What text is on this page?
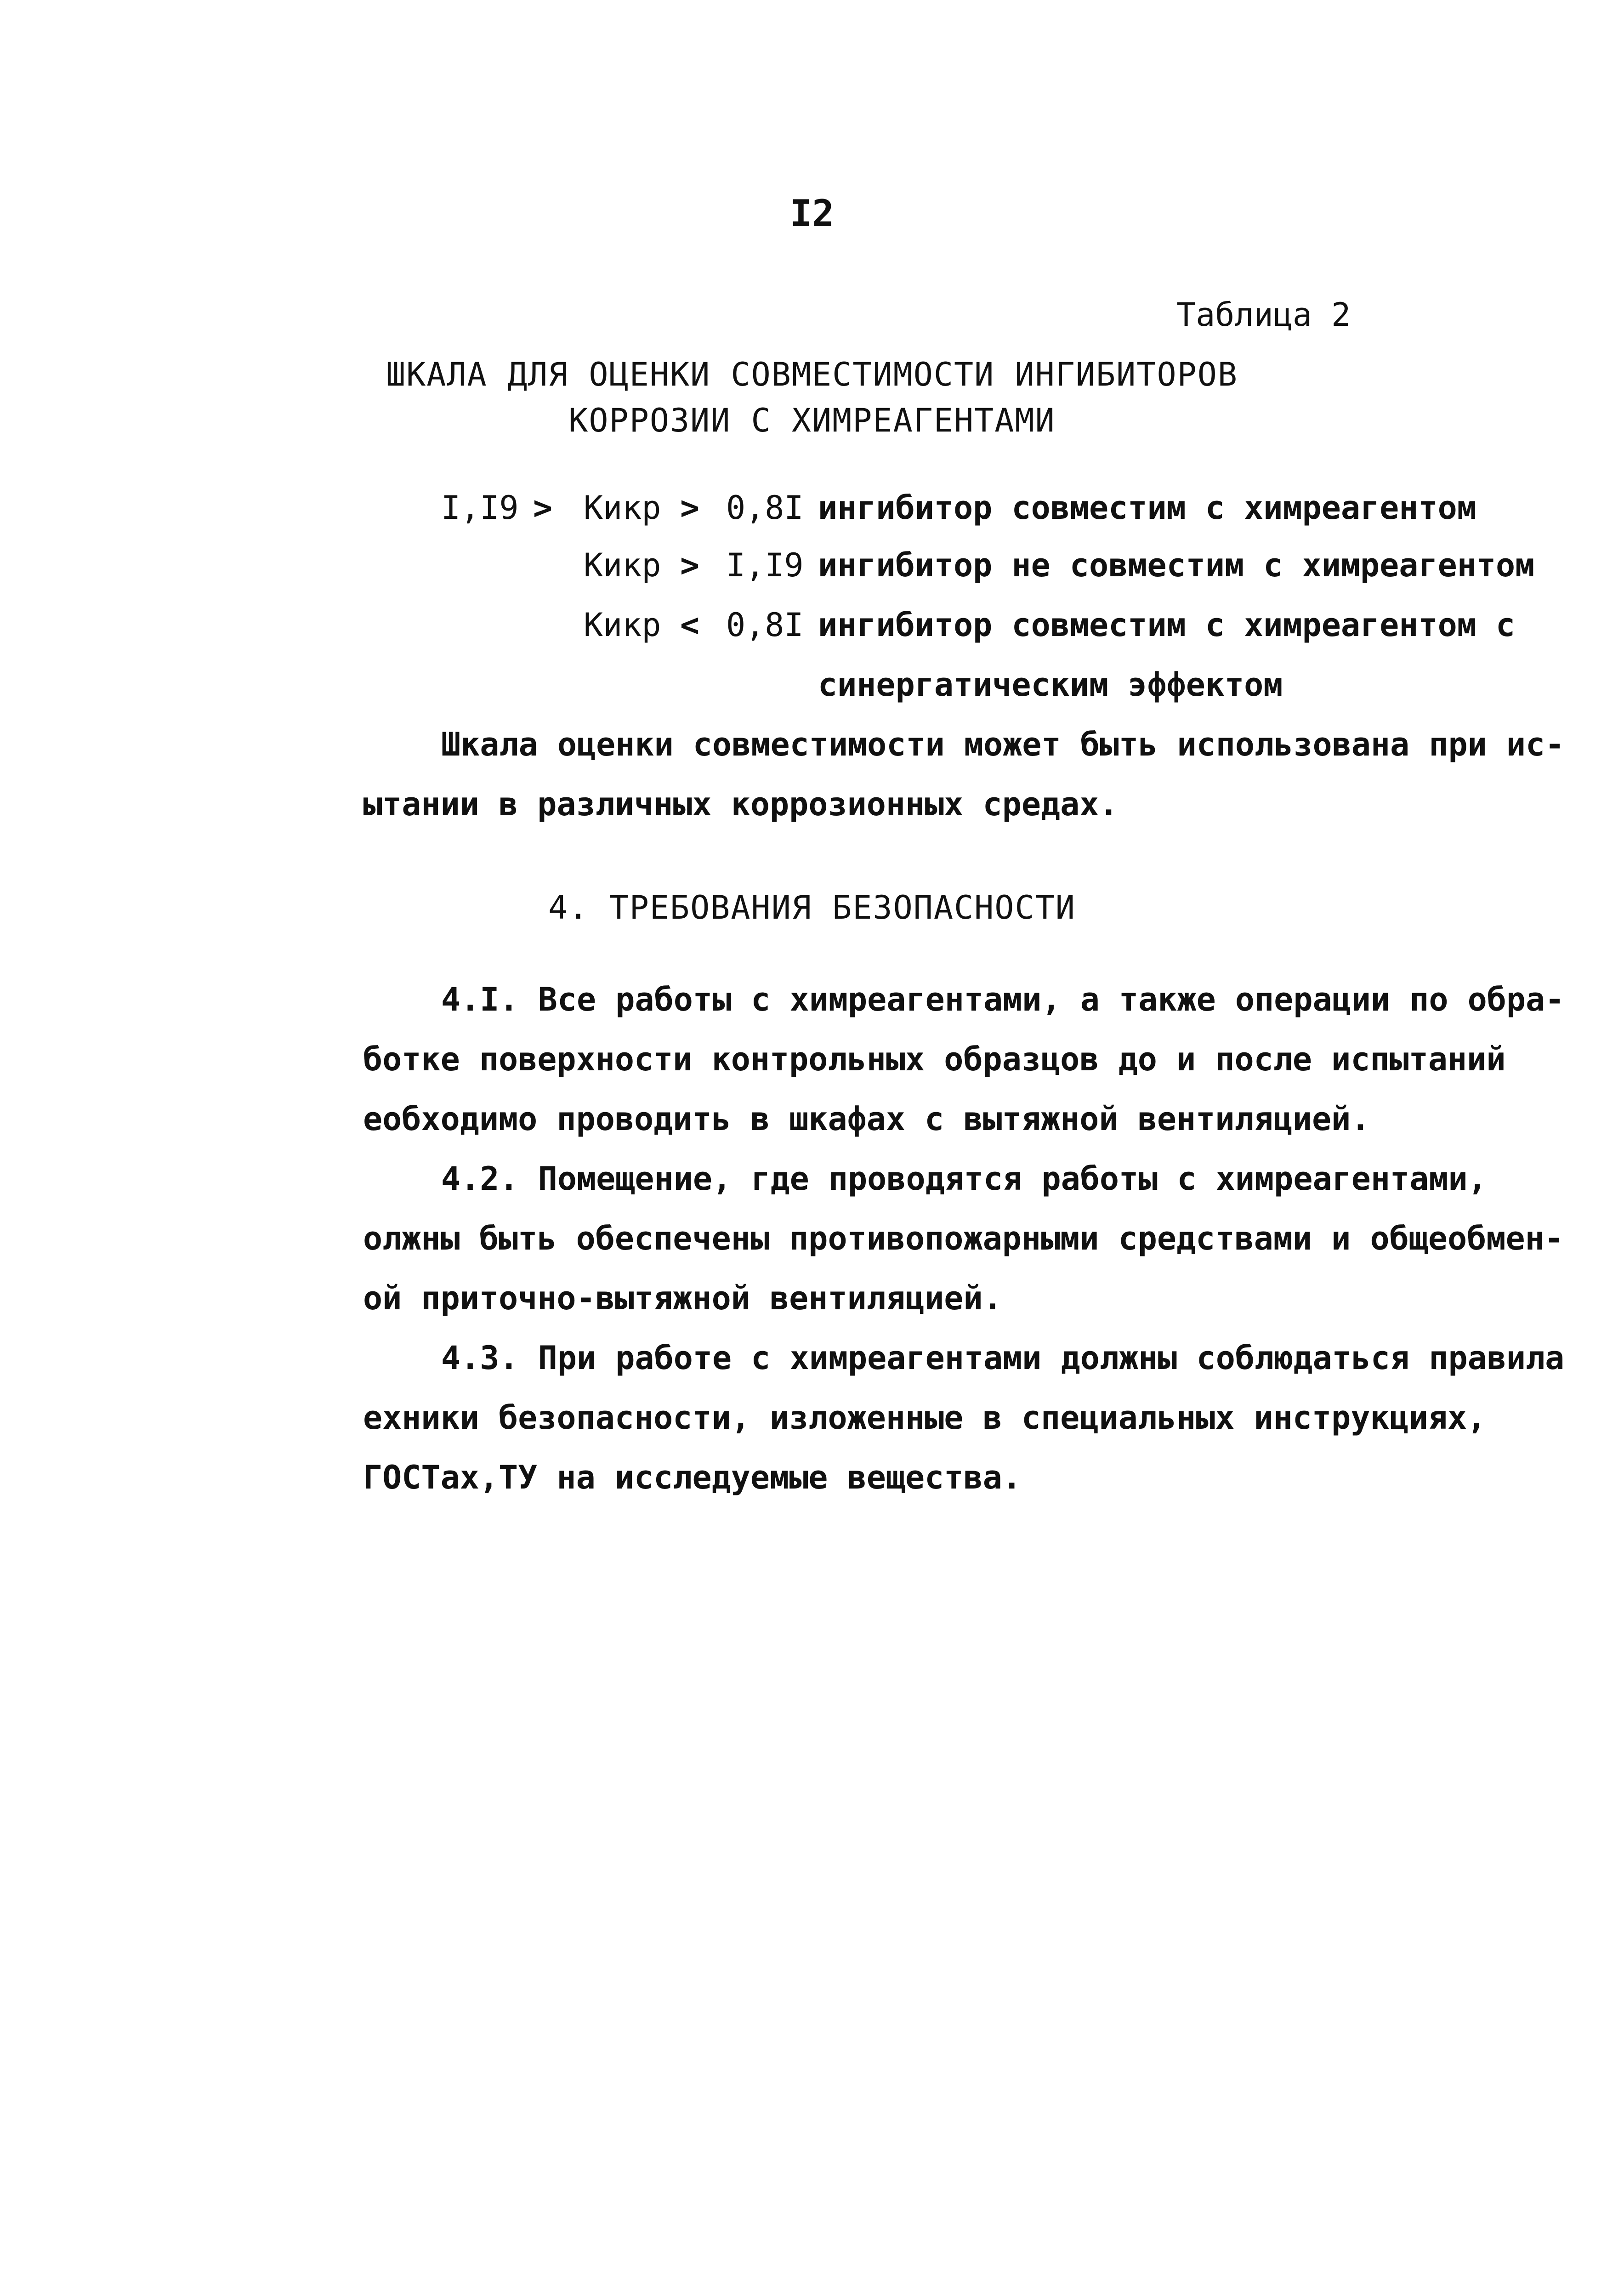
I2
Таблица 2
ШКАЛА ДЛЯ ОЦЕНКИ СОВМЕСТИМОСТИ ИНГИБИТОРОВ
КОРРОЗИИ С ХИМРЕАГЕНТАМИ
I,I9 > Кикр > 0,8I ингибитор совместим с химреагентом
Кикр > I,I9 ингибитор не совместим с химреагентом
Кикр < 0,8I ингибитор совместим с химреагентом с
синергатическим эффектом
Шкала оценки совместимости может быть использована при ис-
ытании в различных коррозионных средах.
4. ТРЕБОВАНИЯ БЕЗОПАСНОСТИ
4.I. Все работы с химреагентами, а также операции по обра-
ботке поверхности контрольных образцов до и после испытаний
еобходимо проводить в шкафах с вытяжной вентиляцией.
4.2. Помещение, где проводятся работы с химреагентами,
олжны быть обеспечены противопожарными средствами и общеобмен-
ой приточно-вытяжной вентиляцией.
4.3. При работе с химреагентами должны соблюдаться правила
ехники безопасности, изложенные в специальных инструкциях,
ГОСТах,ТУ на исследуемые вещества.
